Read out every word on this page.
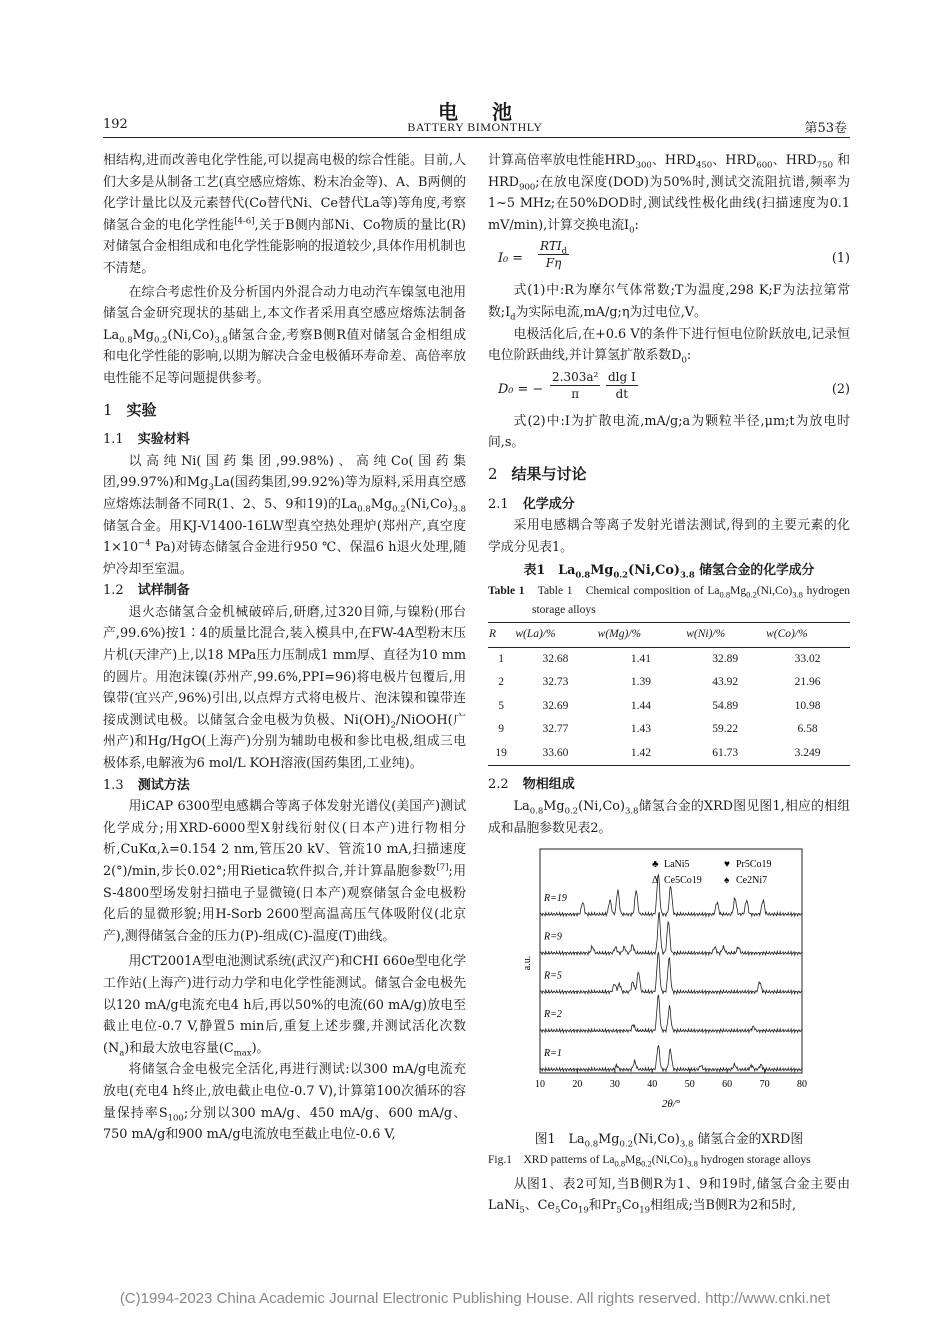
电池
192	BATTERY BIMONTHLY	第53卷

相结构,进而改善电化学性能,可以提高电极的综合性能。目前,人们大多是从制备工艺(真空感应熔炼、粉末冶金等)、A、B两侧的化学计量比以及元素替代(Co替代Ni、Ce替代La等)等角度,考察储氢合金的电化学性能[4-6],关于B侧内部Ni、Co物质的量比(R)对储氢合金相组成和电化学性能影响的报道较少,具体作用机制也不清楚。

在综合考虑性价及分析国内外混合动力电动汽车镍氢电池用储氢合金研究现状的基础上,本文作者采用真空感应熔炼法制备$La_{0.8}Mg_{0.2}(Ni,Co)_{3.8}$储氢合金,考察B侧R值对储氢合金相组成和电化学性能的影响,以期为解决合金电极循环寿命差、高倍率放电性能不足等问题提供参考。

1 实验

1.1 实验材料

以高纯Ni(国药集团,99.98%)、高纯Co(国药集团,99.97%)和$Mg_3La$(国药集团,99.92%)等为原料,采用真空感应熔炼法制备不同R(1、2、5、9和19)的$La_{0.8}Mg_{0.2}(Ni,Co)_{3.8}$储氢合金。用KJ-V1400-16LW型真空热处理炉(郑州产,真空度$1\times 10^{-4}$ Pa)对铸态储氢合金进行950 ℃、保温6 h退火处理,随炉冷却至室温。

1.2 试样制备

退火态储氢合金机械破碎后,研磨,过320目筛,与镍粉(邢台产,99.6%)按1∶4的质量比混合,装入模具中,在FW-4A型粉末压片机(天津产)上,以18 MPa压力压制成1 mm厚、直径为10 mm的圆片。用泡沫镍(苏州产,99.6%,PPI=96)将电极片包覆后,用镍带(宜兴产,96%)引出,以点焊方式将电极片、泡沫镍和镍带连接成测试电极。以储氢合金电极为负极、$Ni(OH)_2/NiOOH$(广州产)和Hg/HgO(上海产)分别为辅助电极和参比电极,组成三电极体系,电解液为6 mol/L KOH溶液(国药集团,工业纯)。

1.3 测试方法

用iCAP 6300型电感耦合等离子体发射光谱仪(美国产)测试化学成分;用XRD-6000型X射线衍射仪(日本产)进行物相分析,CuKα,λ=0.154 2 nm,管压20 kV、管流10 mA,扫描速度2(°)/min,步长0.02°;用Rietica软件拟合,并计算晶胞参数[7];用S-4800型场发射扫描电子显微镜(日本产)观察储氢合金电极粉化后的显微形貌;用H-Sorb 2600型高温高压气体吸附仪(北京产),测得储氢合金的压力(P)-组成(C)-温度(T)曲线。

用CT2001A型电池测试系统(武汉产)和CHI 660e型电化学工作站(上海产)进行动力学和电化学性能测试。储氢合金电极先以120 mA/g电流充电4 h后,再以50%的电流(60 mA/g)放电至截止电位-0.7 V,静置5 min后,重复上述步骤,并测试活化次数$(N_a)$和最大放电容量$(C_{max})$。

将储氢合金电极完全活化,再进行测试:以300 mA/g电流充放电(充电4 h终止,放电截止电位-0.7 V),计算第100次循环的容量保持率$S_{100}$;分别以300 mA/g、450 mA/g、600 mA/g、750 mA/g和900 mA/g电流放电至截止电位-0.6 V,

计算高倍率放电性能$HRD_{300}$、$HRD_{450}$、$HRD_{600}$、$HRD_{750}$ 和$HRD_{900}$;在放电深度(DOD)为50%时,测试交流阻抗谱,频率为1~5 MHz;在50%DOD时,测试线性极化曲线(扫描速度为0.1 mV/min),计算交换电流$I_0$:

I₀ =
$RTI_d$
Fη	(1)

式(1)中:R为摩尔气体常数;T为温度,298 K;F为法拉第常数$;I_d$为实际电流,mA/g;η为过电位,V。

电极活化后,在+0.6 V的条件下进行恒电位阶跃放电,记录恒电位阶跃曲线,并计算氢扩散系数$D_0$:

D₀ = − $\frac{\text{2.303a²}}{\pi} \frac{\text{dlg I}}{dt}$	(2)

式(2)中:I为扩散电流,mA/g;a为颗粒半径,μm;t为放电时间,s。

2 结果与讨论

2.1 化学成分

采用电感耦合等离子发射光谱法测试,得到的主要元素的化学成分见表1。

表1　$La_{0.8}Mg_{0.2}(Ni,Co)_{3.8}$ 储氢合金的化学成分

Table 1　 Table 1　Chemical composition of $La_{0.8}Mg_{0.2}(Ni,Co)_{3.8}$ hydrogen storage alloys

R	w(La)/%	w(Mg)/%	w(Ni)/%	w(Co)/%
1	32.68	1.41	32.89	33.02
2	32.73	1.39	43.92	21.96
5	32.69	1.44	54.89	10.98
9	32.77	1.43	59.22	6.58
19	33.60	1.42	61.73	3.249

2.2 物相组成

$La_{0.8}Mg_{0.2}(Ni,Co)_{3.8}$储氢合金的XRD图见图1,相应的相组成和晶胞参数见表2。

a.u.
10	20	30	40	50	60	70	80
R=19
R=9
R=5
R=2
R=1
2θ/°
♣ LaNi5	♥ Pr5Co19
Δ Ce5Co19 ♠ Ce2Ni7

图1　$La_{0.8}Mg_{0.2}(Ni,Co)_{3.8}$ 储氢合金的XRD图

Fig.1　XRD patterns of $La_{0.8}Mg_{0.2}(Ni,Co)_{3.8}$ hydrogen storage alloys

从图1、表2可知,当B侧R为1、9和19时,储氢合金主要由LaNi$_5$、$Ce_5Co_{19}$和$Pr_5Co_{19}$相组成;当B侧R为2和5时,

(C)1994-2023 China Academic Journal Electronic Publishing House. All rights reserved. http://www.cnki.net
